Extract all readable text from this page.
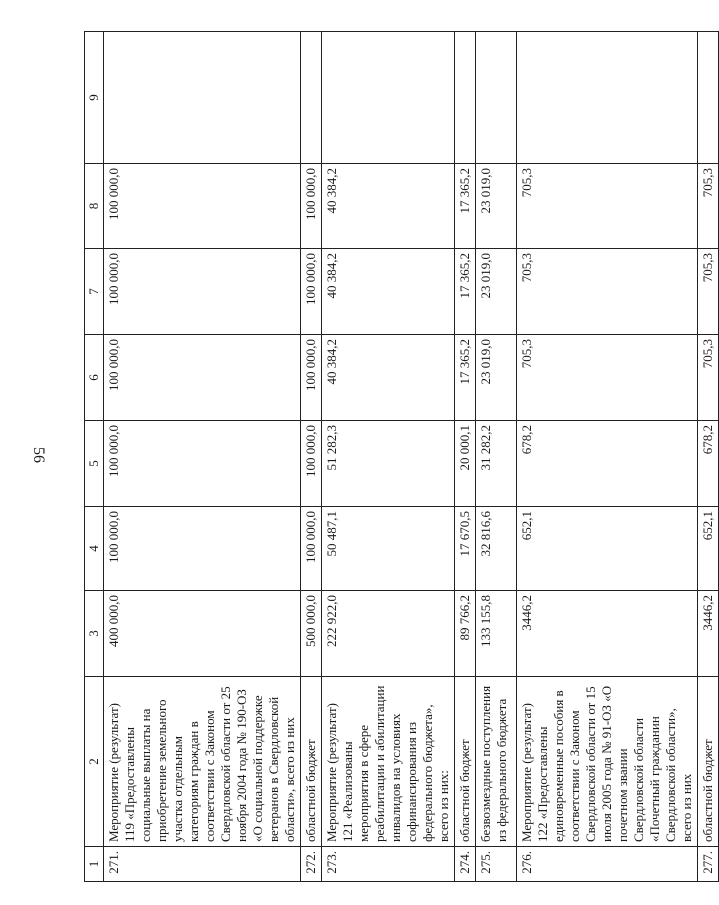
56
1	2	3	4	5	6	7	8	9
271.	Мероприятие (результат) 119 «Предоставлены социальные выплаты на приобретение земельного участка отдельным категориям граждан в соответствии с Законом Свердловской области от 25 ноября 2004 года № 190-ОЗ «О социальной поддержке ветеранов в Свердловской области», всего из них	400 000,0	100 000,0	100 000,0	100 000,0	100 000,0	100 000,0	
272.	областной бюджет	500 000,0	100 000,0	100 000,0	100 000,0	100 000,0	100 000,0	
273.	Мероприятие (результат) 121 «Реализованы мероприятия в сфере реабилитации и абилитации инвалидов на условиях софинансирования из федерального бюджета», всего из них:	222 922,0	50 487,1	51 282,3	40 384,2	40 384,2	40 384,2	
274.	областной бюджет	89 766,2	17 670,5	20 000,1	17 365,2	17 365,2	17 365,2	
275.	безвозмездные поступления из федерального бюджета	133 155,8	32 816,6	31 282,2	23 019,0	23 019,0	23 019,0	
276.	Мероприятие (результат) 122 «Предоставлены единовременные пособия в соответствии с Законом Свердловской области от 15 июля 2005 года № 91-ОЗ «О почетном звании Свердловской области «Почетный гражданин Свердловской области», всего из них	3446,2	652,1	678,2	705,3	705,3	705,3	
277.	областной бюджет	3446,2	652,1	678,2	705,3	705,3	705,3	
